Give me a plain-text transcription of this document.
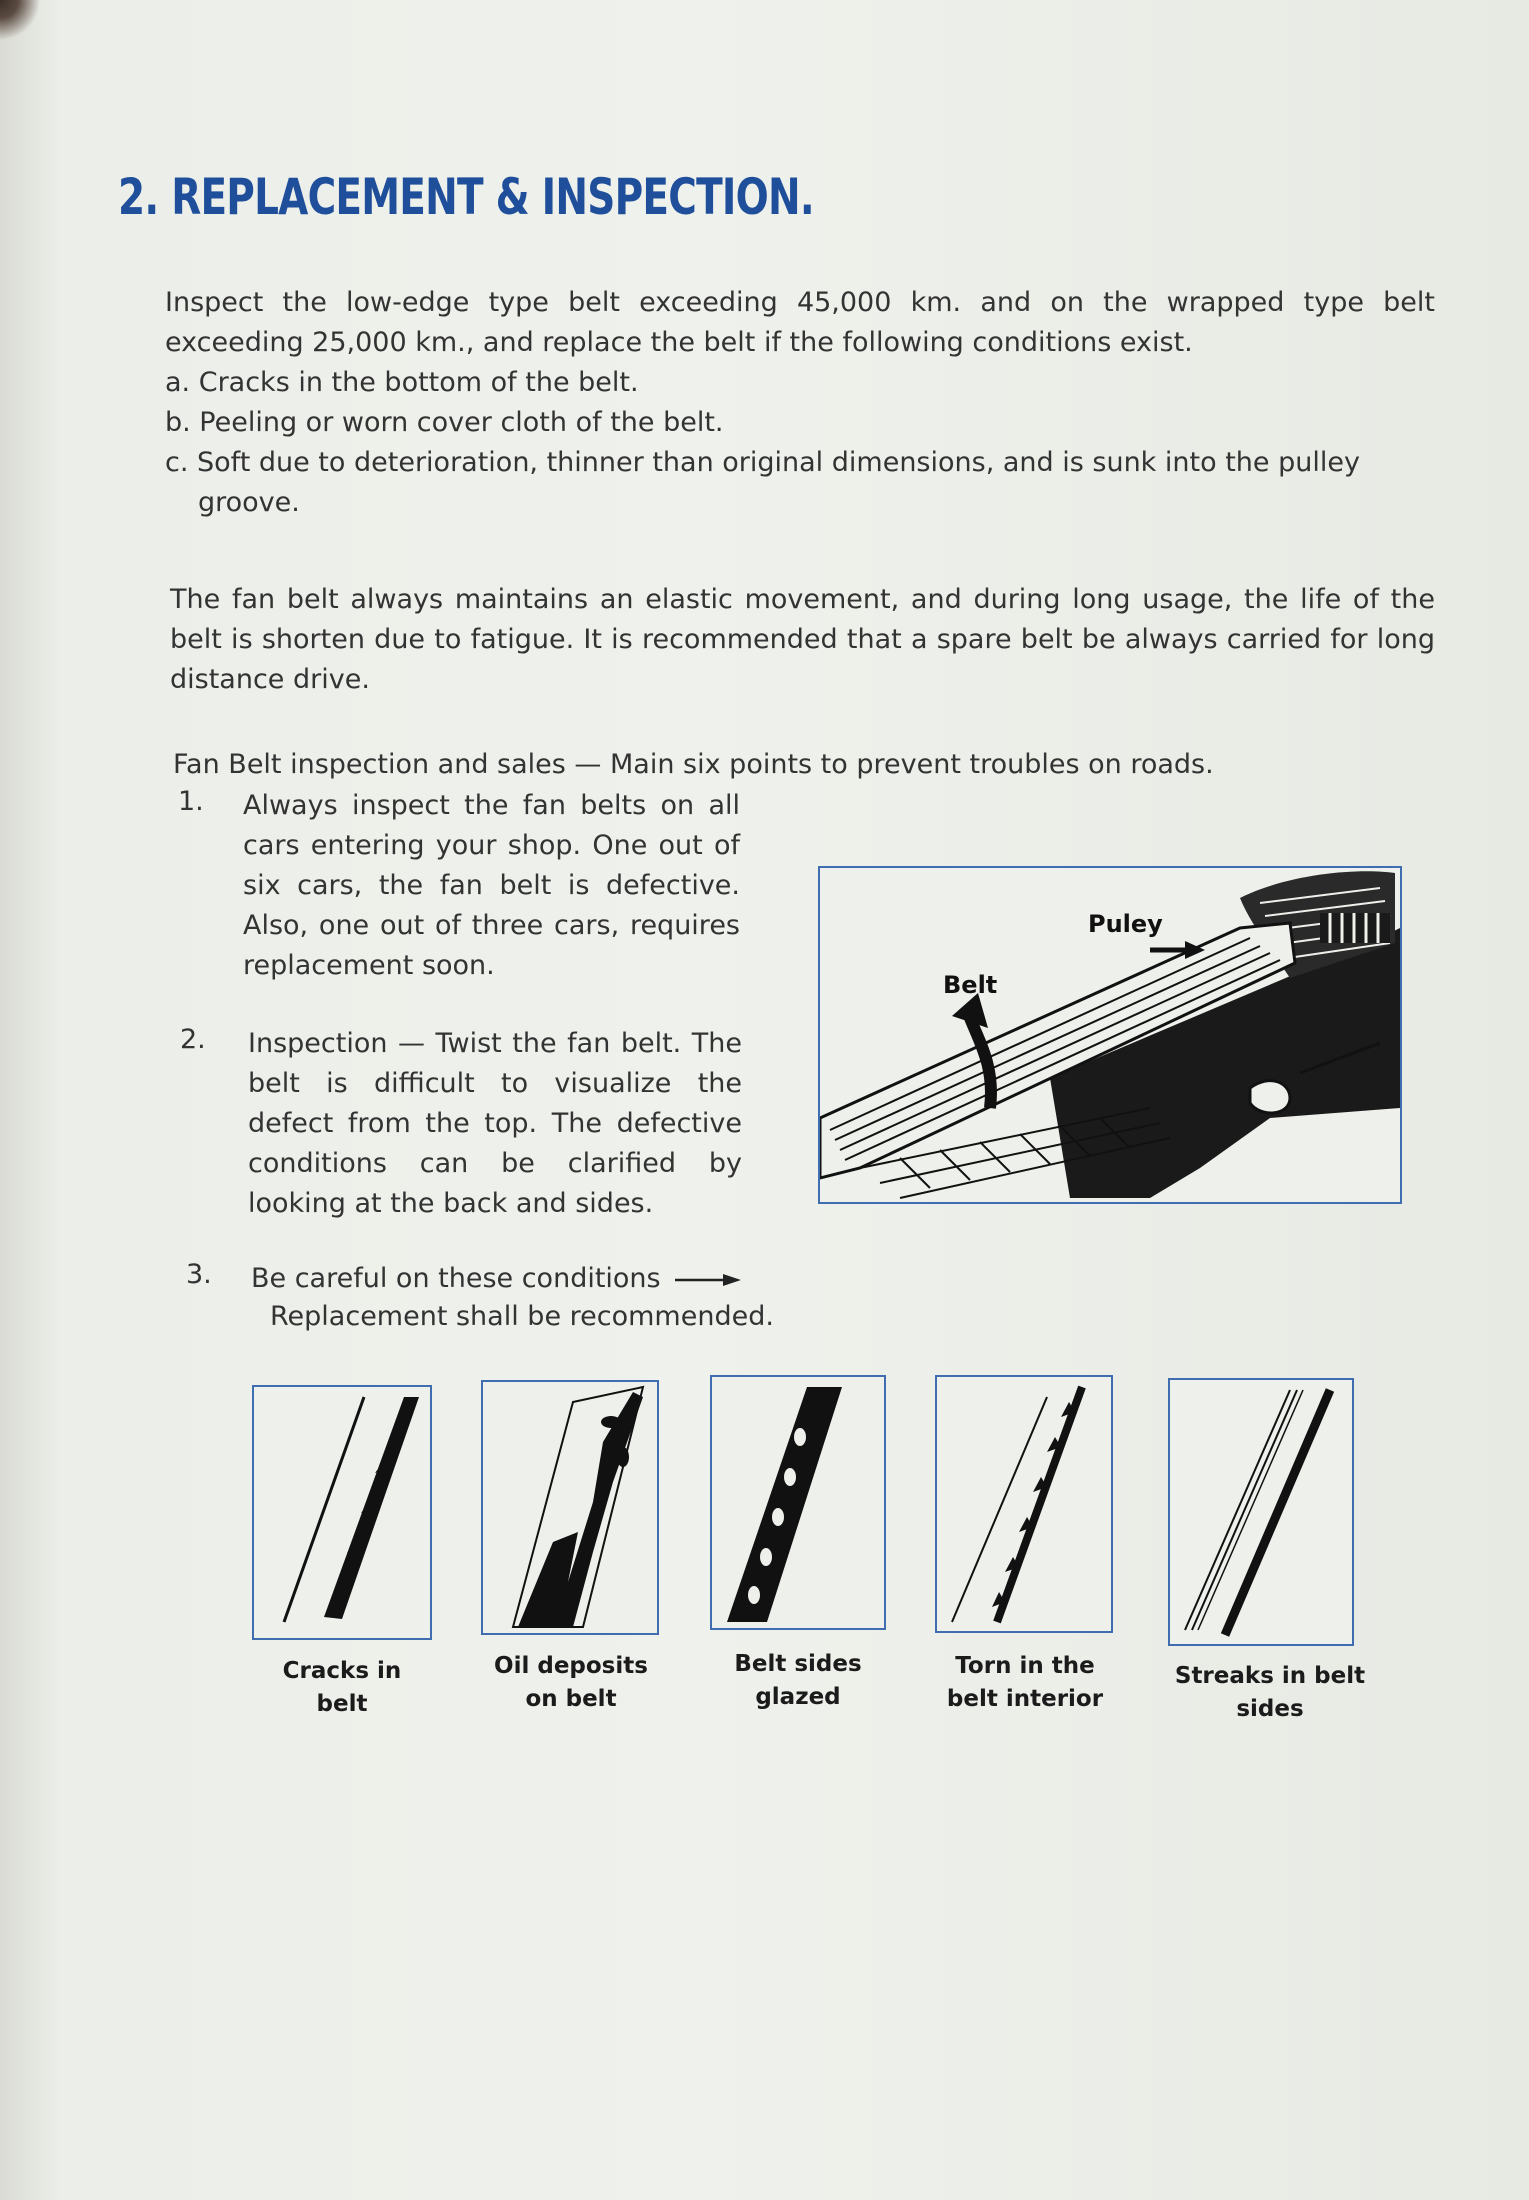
2. REPLACEMENT & INSPECTION.
Inspect the low-edge type belt exceeding 45,000 km. and on the wrapped type belt exceeding 25,000 km., and replace the belt if the following conditions exist.
a. Cracks in the bottom of the belt.
b. Peeling or worn cover cloth of the belt.
c. Soft due to deterioration, thinner than original dimensions, and is sunk into the pulley
groove.
The fan belt always maintains an elastic movement, and during long usage, the life of the belt is shorten due to fatigue. It is recommended that a spare belt be always carried for long distance drive.
Fan Belt inspection and sales — Main six points to prevent troubles on roads.
1. Always inspect the fan belts on all cars entering your shop. One out of six cars, the fan belt is defective. Also, one out of three cars, requires replacement soon.
2. Inspection — Twist the fan belt. The belt is difficult to visualize the defect from the top. The defective conditions can be clarified by looking at the back and sides.
3. Be careful on these conditions
Replacement shall be recommended.
Puley
Belt
Cracks in
belt
Oil deposits
on belt
Belt sides
glazed
Torn in the
belt interior
Streaks in belt
sides
